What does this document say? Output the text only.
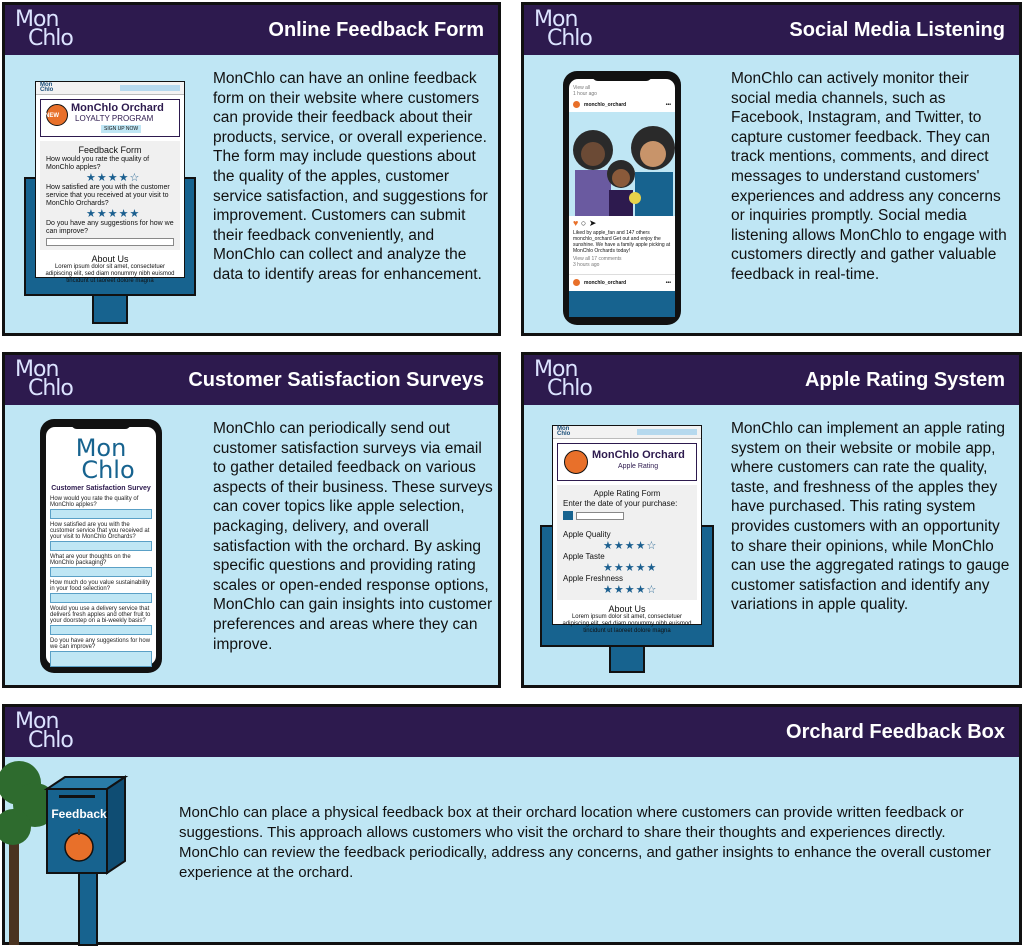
Mon
Chlo	Online Feedback Form
Mon
Chlo
NEW
MonChlo Orchard
LOYALTY PROGRAM
SIGN UP NOW
Feedback Form
How would you rate the quality of MonChlo apples?
★★★★☆
How satisfied are you with the customer service that you received at your visit to MonChlo Orchards?
★★★★★
Do you have any suggestions for how we can improve?
About Us
Lorem ipsum dolor sit amet, consectetuer adipiscing elit, sed diam nonummy nibh euismod tincidunt ut laoreet dolore magna
MonChlo can have an online feedback form on their website where customers can provide their feedback about their products, service, or overall experience. The form may include questions about the quality of the apples, customer service satisfaction, and suggestions for improvement. Customers can submit their feedback conveniently, and MonChlo can collect and analyze the data to identify areas for enhancement.
Mon
Chlo	Social Media Listening
View all
1 hour ago
monchlo_orchard	•••
♥ ○ ➤
Liked by apple_fan and 147 others
monchlo_orchard Get out and enjoy the sunshine. We have a family apple picking at MonChlo Orchards today!
View all 17 comments
3 hours ago
monchlo_orchard	•••
MonChlo can actively monitor their social media channels, such as Facebook, Instagram, and Twitter, to capture customer feedback. They can track mentions, comments, and direct messages to understand customers' experiences and address any concerns or inquiries promptly. Social media listening allows MonChlo to engage with customers directly and gather valuable feedback in real-time.
Mon
Chlo	Customer Satisfaction Surveys
Mon
Chlo
Customer Satisfaction Survey
How would you rate the quality of MonChlo apples?
How satisfied are you with the customer service that you received at your visit to MonChlo Orchards?
What are your thoughts on the MonChlo packaging?
How much do you value sustainability in your food selection?
Would you use a delivery service that delivers fresh apples and other fruit to your doorstep on a bi-weekly basis?
Do you have any suggestions for how we can improve?
MonChlo can periodically send out customer satisfaction surveys via email to gather detailed feedback on various aspects of their business. These surveys can cover topics like apple selection, packaging, delivery, and overall satisfaction with the orchard. By asking specific questions and providing rating scales or open-ended response options, MonChlo can gain insights into customer preferences and areas where they can improve.
Mon
Chlo	Apple Rating System
Mon
Chlo
MonChlo Orchard
Apple Rating
Apple Rating Form
Enter the date of your purchase:
Apple Quality
★★★★☆
Apple Taste
★★★★★
Apple Freshness
★★★★☆
About Us
Lorem ipsum dolor sit amet, consectetuer adipiscing elit, sed diam nonummy nibh euismod tincidunt ut laoreet dolore magna
MonChlo can implement an apple rating system on their website or mobile app, where customers can rate the quality, taste, and freshness of the apples they have purchased. This rating system provides customers with an opportunity to share their opinions, while MonChlo can use the aggregated ratings to gauge customer satisfaction and identify any variations in apple quality.
Mon
Chlo	Orchard Feedback Box
Feedback	MonChlo can place a physical feedback box at their orchard location where customers can provide written feedback or suggestions. This approach allows customers who visit the orchard to share their thoughts and experiences directly. MonChlo can review the feedback periodically, address any concerns, and gather insights to enhance the overall customer experience at the orchard.
